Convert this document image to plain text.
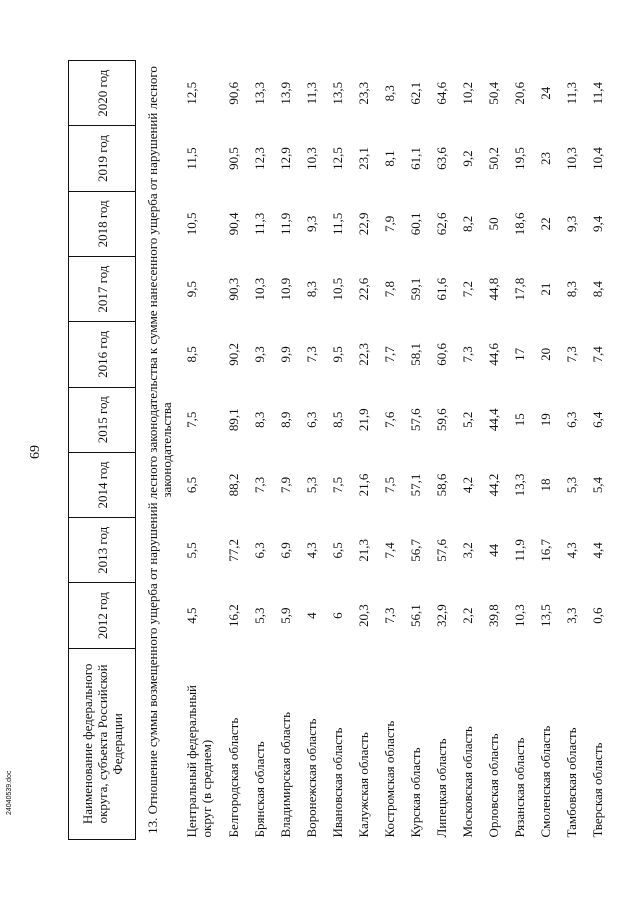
69
24040539.doc	Наименование федерального округа, субъекта Российской Федерации	2012 год	2013 год	2014 год	2015 год	2016 год	2017 год	2018 год	2019 год	2020 год
13. Отношение суммы возмещенного ущерба от нарушений лесного законодательства к сумме нанесенного ущерба от нарушений лесного законодательства									
Центральный федеральный округ (в среднем)	4,5	5,5	6,5	7,5	8,5	9,5	10,5	11,5	12,5
Белгородская область	16,2	77,2	88,2	89,1	90,2	90,3	90,4	90,5	90,6
Брянская область	5,3	6,3	7,3	8,3	9,3	10,3	11,3	12,3	13,3
Владимирская область	5,9	6,9	7,9	8,9	9,9	10,9	11,9	12,9	13,9
Воронежская область	4	4,3	5,3	6,3	7,3	8,3	9,3	10,3	11,3
Ивановская область	6	6,5	7,5	8,5	9,5	10,5	11,5	12,5	13,5
Калужская область	20,3	21,3	21,6	21,9	22,3	22,6	22,9	23,1	23,3
Костромская область	7,3	7,4	7,5	7,6	7,7	7,8	7,9	8,1	8,3
Курская область	56,1	56,7	57,1	57,6	58,1	59,1	60,1	61,1	62,1
Липецкая область	32,9	57,6	58,6	59,6	60,6	61,6	62,6	63,6	64,6
Московская область	2,2	3,2	4,2	5,2	7,3	7,2	8,2	9,2	10,2
Орловская область	39,8	44	44,2	44,4	44,6	44,8	50	50,2	50,4
Рязанская область	10,3	11,9	13,3	15	17	17,8	18,6	19,5	20,6
Смоленская область	13,5	16,7	18	19	20	21	22	23	24
Тамбовская область	3,3	4,3	5,3	6,3	7,3	8,3	9,3	10,3	11,3
Тверская область	0,6	4,4	5,4	6,4	7,4	8,4	9,4	10,4	11,4
